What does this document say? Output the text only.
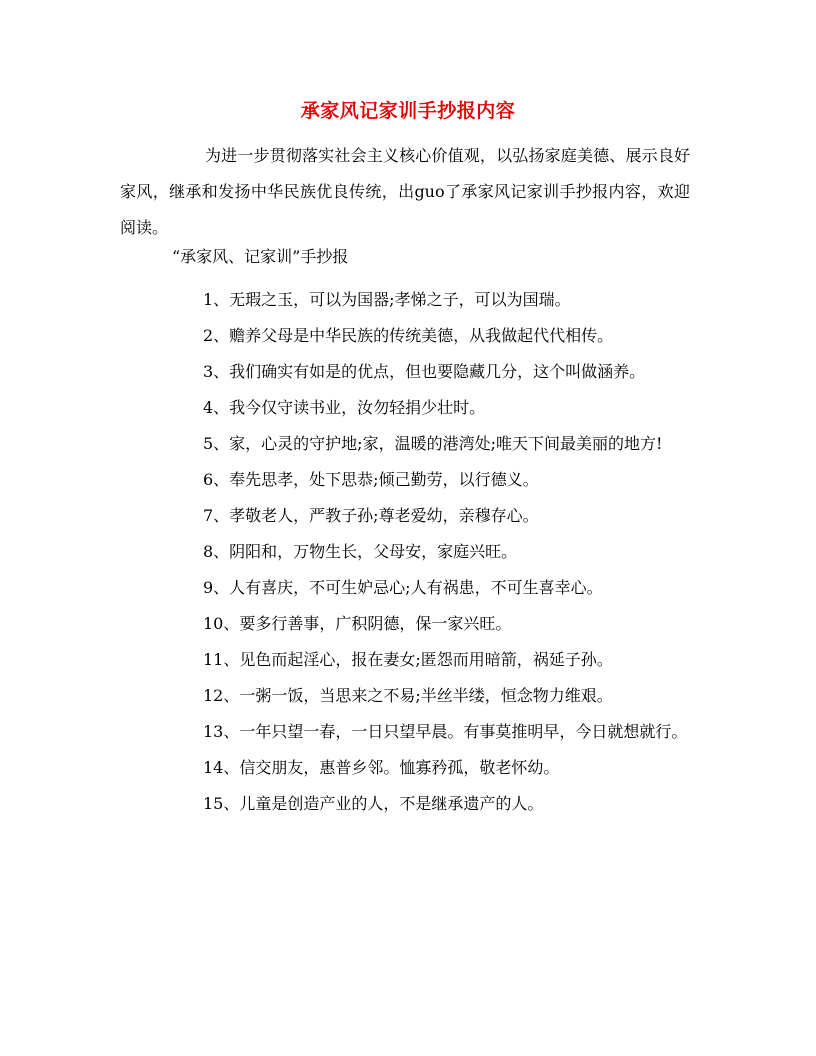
承家风记家训手抄报内容

为进一步贯彻落实社会主义核心价值观，以弘扬家庭美德、展示良好家风，继承和发扬中华民族优良传统，出guo了承家风记家训手抄报内容，欢迎阅读。

“承家风、记家训”手抄报
1、无瑕之玉，可以为国器;孝悌之子，可以为国瑞。
2、赡养父母是中华民族的传统美德，从我做起代代相传。
3、我们确实有如是的优点，但也要隐藏几分，这个叫做涵养。
4、我今仅守读书业，汝勿轻捐少壮时。
5、家，心灵的守护地;家，温暖的港湾处;唯天下间最美丽的地方!
6、奉先思孝，处下思恭;倾己勤劳，以行德义。
7、孝敬老人，严教子孙;尊老爱幼，亲穆存心。
8、阴阳和，万物生长，父母安，家庭兴旺。
9、人有喜庆，不可生妒忌心;人有祸患，不可生喜幸心。
10、要多行善事，广积阴德，保一家兴旺。
11、见色而起淫心，报在妻女;匿怨而用暗箭，祸延子孙。
12、一粥一饭，当思来之不易;半丝半缕，恒念物力维艰。
13、一年只望一春，一日只望早晨。有事莫推明早，今日就想就行。
14、信交朋友，惠普乡邻。恤寡矜孤，敬老怀幼。
15、儿童是创造产业的人，不是继承遗产的人。
